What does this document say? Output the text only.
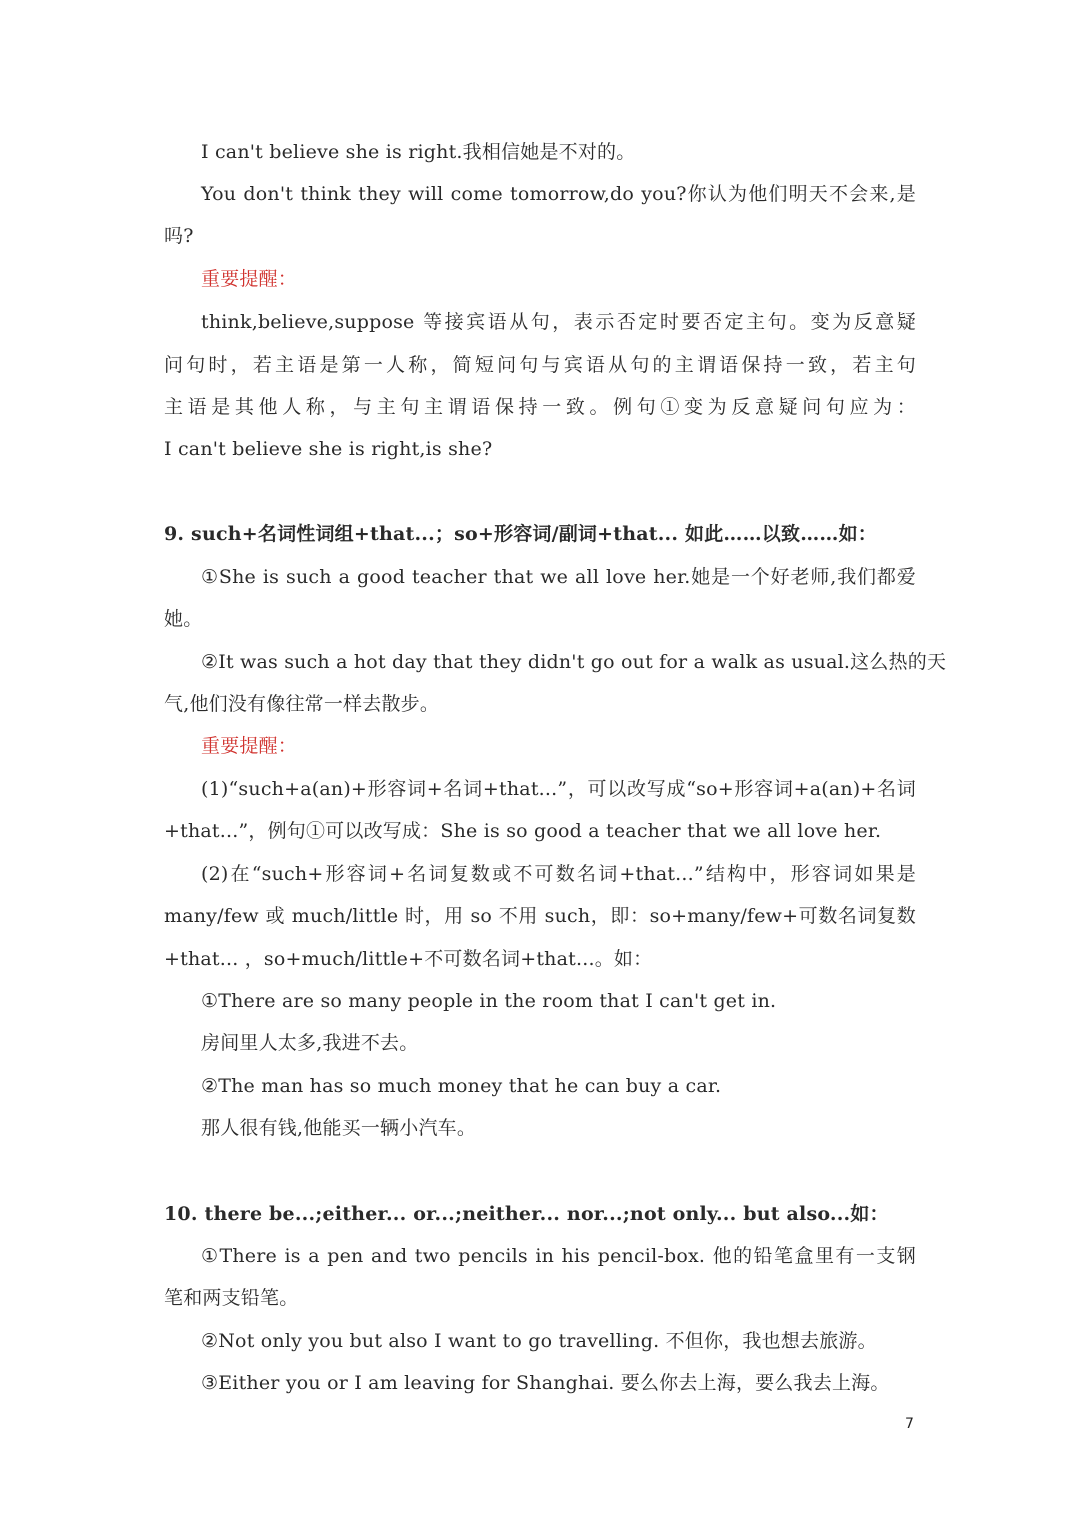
I can't believe she is right.我相信她是不对的。
You don't think they will come tomorrow,do you?你认为他们明天不会来,是
吗?
重要提醒：
think,believe,suppose 等接宾语从句，表示否定时要否定主句。变为反意疑
问句时，若主语是第一人称，简短问句与宾语从句的主谓语保持一致，若主句
主语是其他人称，与主句主谓语保持一致。例句①变为反意疑问句应为：
I can't believe she is right,is she?
9. such+名词性词组+that...；so+形容词/副词+that... 如此……以致……如：
①She is such a good teacher that we all love her.她是一个好老师,我们都爱
她。
②It was such a hot day that they didn't go out for a walk as usual.这么热的天
气,他们没有像往常一样去散步。
重要提醒：
(1)“such+a(an)+形容词+名词+that...”，可以改写成“so+形容词+a(an)+名词
+that...”，例句①可以改写成：She is so good a teacher that we all love her.
(2)在“such+形容词+名词复数或不可数名词+that...”结构中，形容词如果是
many/few 或 much/little 时，用 so 不用 such，即：so+many/few+可数名词复数
+that... ，so+much/little+不可数名词+that...。如：
①There are so many people in the room that I can't get in.
房间里人太多,我进不去。
②The man has so much money that he can buy a car.
那人很有钱,他能买一辆小汽车。
10. there be...;either... or...;neither... nor...;not only... but also...如：
①There is a pen and two pencils in his pencil-box. 他的铅笔盒里有一支钢
笔和两支铅笔。
②Not only you but also I want to go travelling. 不但你，我也想去旅游。
③Either you or I am leaving for Shanghai. 要么你去上海，要么我去上海。
7
